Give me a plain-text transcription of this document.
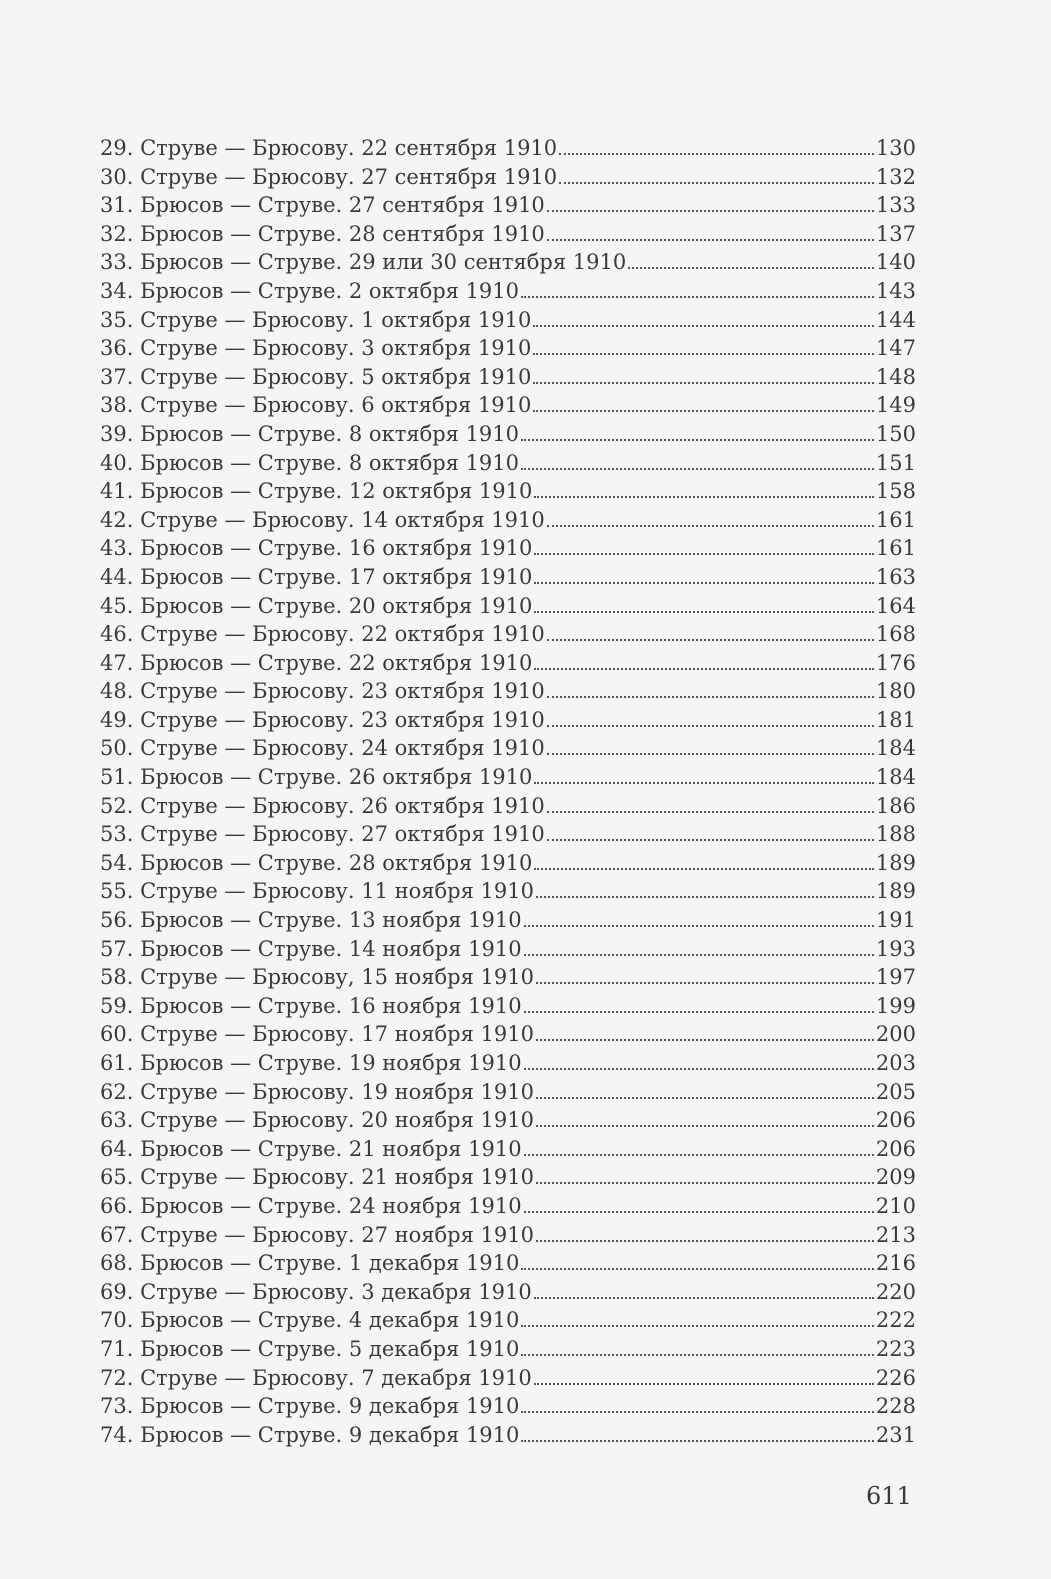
29. Струве — Брюсову. 22 сентября 1910	130
30. Струве — Брюсову. 27 сентября 1910	132
31. Брюсов — Струве. 27 сентября 1910	133
32. Брюсов — Струве. 28 сентября 1910	137
33. Брюсов — Струве. 29 или 30 сентября 1910	140
34. Брюсов — Струве. 2 октября 1910	143
35. Струве — Брюсову. 1 октября 1910	144
36. Струве — Брюсову. 3 октября 1910	147
37. Струве — Брюсову. 5 октября 1910	148
38. Струве — Брюсову. 6 октября 1910	149
39. Брюсов — Струве. 8 октября 1910	150
40. Брюсов — Струве. 8 октября 1910	151
41. Брюсов — Струве. 12 октября 1910	158
42. Струве — Брюсову. 14 октября 1910	161
43. Брюсов — Струве. 16 октября 1910	161
44. Брюсов — Струве. 17 октября 1910	163
45. Брюсов — Струве. 20 октября 1910	164
46. Струве — Брюсову. 22 октября 1910	168
47. Брюсов — Струве. 22 октября 1910	176
48. Струве — Брюсову. 23 октября 1910	180
49. Струве — Брюсову. 23 октября 1910	181
50. Струве — Брюсову. 24 октября 1910	184
51. Брюсов — Струве. 26 октября 1910	184
52. Струве — Брюсову. 26 октября 1910	186
53. Струве — Брюсову. 27 октября 1910	188
54. Брюсов — Струве. 28 октября 1910	189
55. Струве — Брюсову. 11 ноября 1910	189
56. Брюсов — Струве. 13 ноября 1910	191
57. Брюсов — Струве. 14 ноября 1910	193
58. Струве — Брюсову, 15 ноября 1910	197
59. Брюсов — Струве. 16 ноября 1910	199
60. Струве — Брюсову. 17 ноября 1910	200
61. Брюсов — Струве. 19 ноября 1910	203
62. Струве — Брюсову. 19 ноября 1910	205
63. Струве — Брюсову. 20 ноября 1910	206
64. Брюсов — Струве. 21 ноября 1910	206
65. Струве — Брюсову. 21 ноября 1910	209
66. Брюсов — Струве. 24 ноября 1910	210
67. Струве — Брюсову. 27 ноября 1910	213
68. Брюсов — Струве. 1 декабря 1910	216
69. Струве — Брюсову. 3 декабря 1910	220
70. Брюсов — Струве. 4 декабря 1910	222
71. Брюсов — Струве. 5 декабря 1910	223
72. Струве — Брюсову. 7 декабря 1910	226
73. Брюсов — Струве. 9 декабря 1910	228
74. Брюсов — Струве. 9 декабря 1910	231
611
